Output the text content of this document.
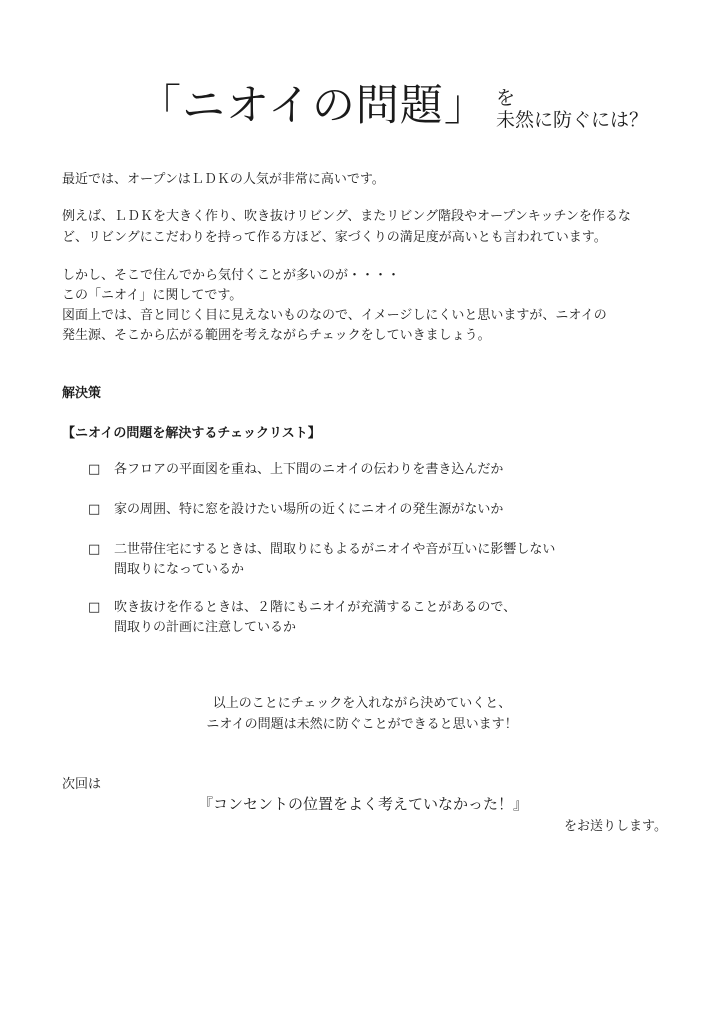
「ニオイの問題」 を
未然に防ぐには？
最近では、オープンはＬＤＫの人気が非常に高いです。
例えば、ＬＤＫを大きく作り、吹き抜けリビング、またリビング階段やオープンキッチンを作るな
ど、リビングにこだわりを持って作る方ほど、家づくりの満足度が高いとも言われています。
しかし、そこで住んでから気付くことが多いのが・・・・
この「ニオイ」に関してです。
図面上では、音と同じく目に見えないものなので、イメージしにくいと思いますが、ニオイの
発生源、そこから広がる範囲を考えながらチェックをしていきましょう。
解決策
【ニオイの問題を解決するチェックリスト】
□ 各フロアの平面図を重ね、上下間のニオイの伝わりを書き込んだか
□ 家の周囲、特に窓を設けたい場所の近くにニオイの発生源がないか
□ 二世帯住宅にするときは、間取りにもよるがニオイや音が互いに影響しない
間取りになっているか
□ 吹き抜けを作るときは、２階にもニオイが充満することがあるので、
間取りの計画に注意しているか
以上のことにチェックを入れながら決めていくと、
ニオイの問題は未然に防ぐことができると思います！
次回は
『コンセントの位置をよく考えていなかった！』
をお送りします。
